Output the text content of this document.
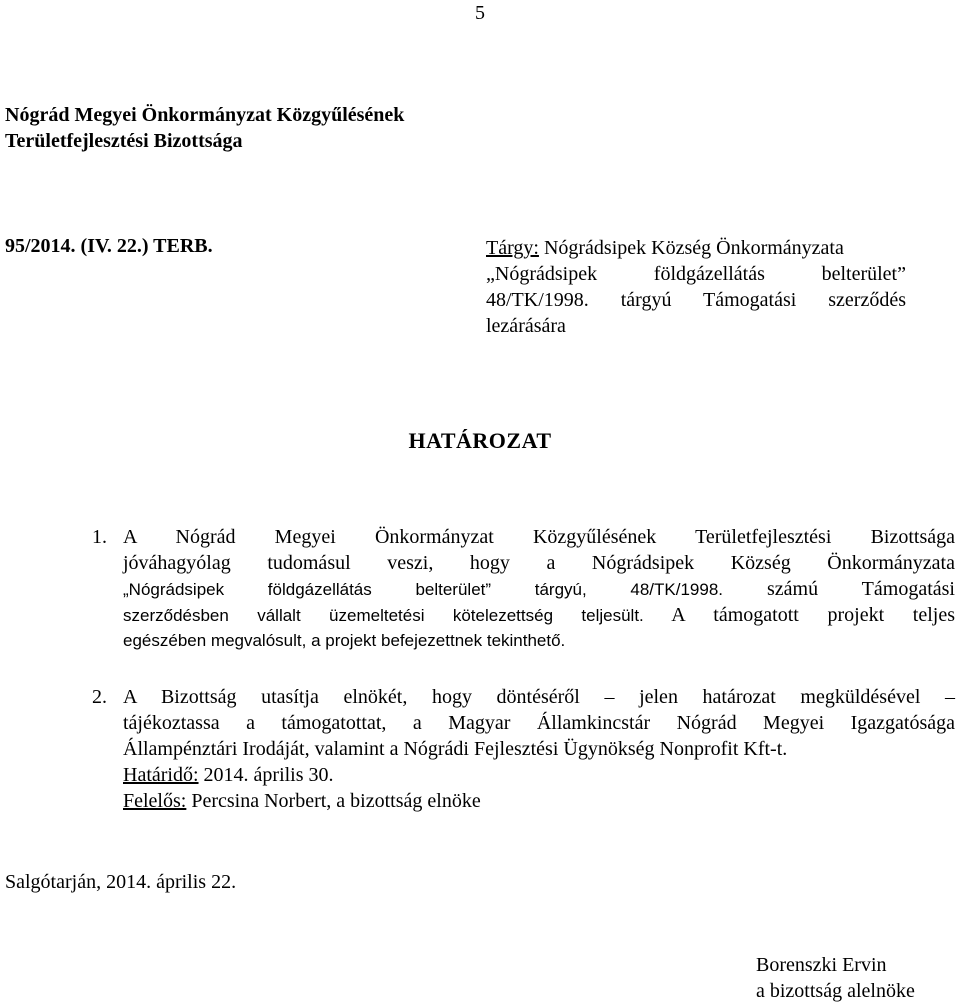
5
Nógrád Megyei Önkormányzat Közgyűlésének
Területfejlesztési Bizottsága
95/2014. (IV. 22.) TERB.	Tárgy: Nógrádsipek Község Önkormányzata
„Nógrádsipek földgázellátás belterület”
48/TK/1998. tárgyú Támogatási szerződés
lezárására
HATÁROZAT
1. A Nógrád Megyei Önkormányzat Közgyűlésének Területfejlesztési Bizottsága
jóváhagyólag tudomásul veszi, hogy a Nógrádsipek Község Önkormányzata
„Nógrádsipek földgázellátás belterület” tárgyú, 48/TK/1998. számú Támogatási
szerződésben vállalt üzemeltetési kötelezettség teljesült. A támogatott projekt teljes
egészében megvalósult, a projekt befejezettnek tekinthető.
2. A Bizottság utasítja elnökét, hogy döntéséről – jelen határozat megküldésével –
tájékoztassa a támogatottat, a Magyar Államkincstár Nógrád Megyei Igazgatósága
Állampénztári Irodáját, valamint a Nógrádi Fejlesztési Ügynökség Nonprofit Kft-t.
Határidő: 2014. április 30.
Felelős: Percsina Norbert, a bizottság elnöke
Salgótarján, 2014. április 22.
Borenszki Ervin
a bizottság alelnöke
